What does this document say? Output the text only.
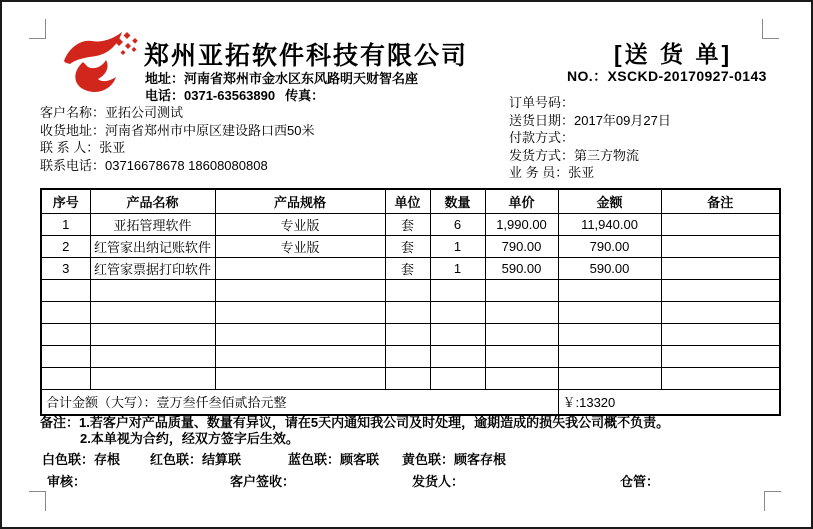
郑州亚拓软件科技有限公司
地址：河南省郑州市金水区东风路明天财智名座
电话：0371-63563890 传真：
[送 货 单]
NO.：XSCKD-20170927-0143
客户名称：亚拓公司测试
收货地址：河南省郑州市中原区建设路口西50米
联 系 人：张亚
联系电话：03716678678 18608080808
订单号码：
送货日期：2017年09月27日
付款方式：
发货方式：第三方物流
业 务 员：张亚
序号	产品名称	产品规格	单位	数量	单价	金额	备注
1	亚拓管理软件	专业版	套	6	1,990.00	11,940.00	
2	红管家出纳记账软件	专业版	套	1	790.00	790.00	
3	红管家票据打印软件		套	1	590.00	590.00	

合计金额（大写）：壹万叁仟叁佰贰拾元整						￥:13320	
备注：1.若客户对产品质量、数量有异议，请在5天内通知我公司及时处理，逾期造成的损失我公司概不负责。
2.本单视为合约，经双方签字后生效。
白色联：存根 红色联：结算联	蓝色联：顾客联 黄色联：顾客存根
审核：	客户签收：	发货人：	仓管：
